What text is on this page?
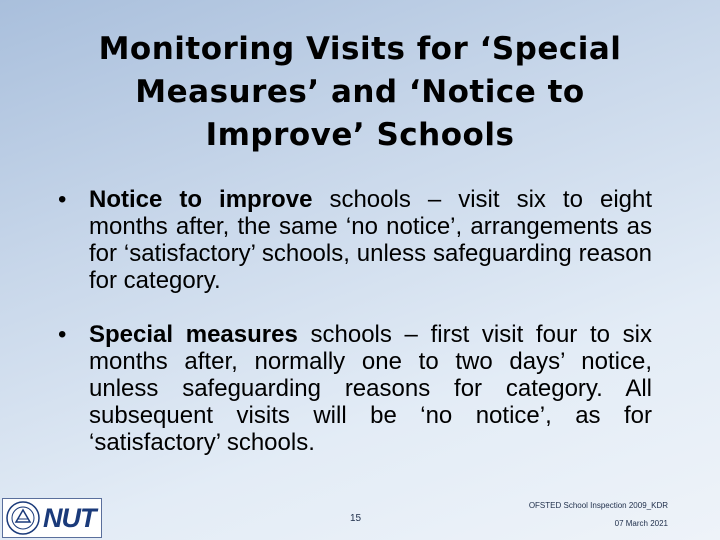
Monitoring Visits for ‘Special Measures’ and ‘Notice to Improve’ Schools
• Notice to improve schools – visit six to eight months after, the same ‘no notice’, arrangements as for ‘satisfactory’ schools, unless safeguarding reason for category.
• Special measures schools – first visit four to six months after, normally one to two days’ notice, unless safeguarding reasons for category. All subsequent visits will be ‘no notice’, as for ‘satisfactory’ schools.
NUT	15
OFSTED School Inspection 2009_KDR
07 March 2021
